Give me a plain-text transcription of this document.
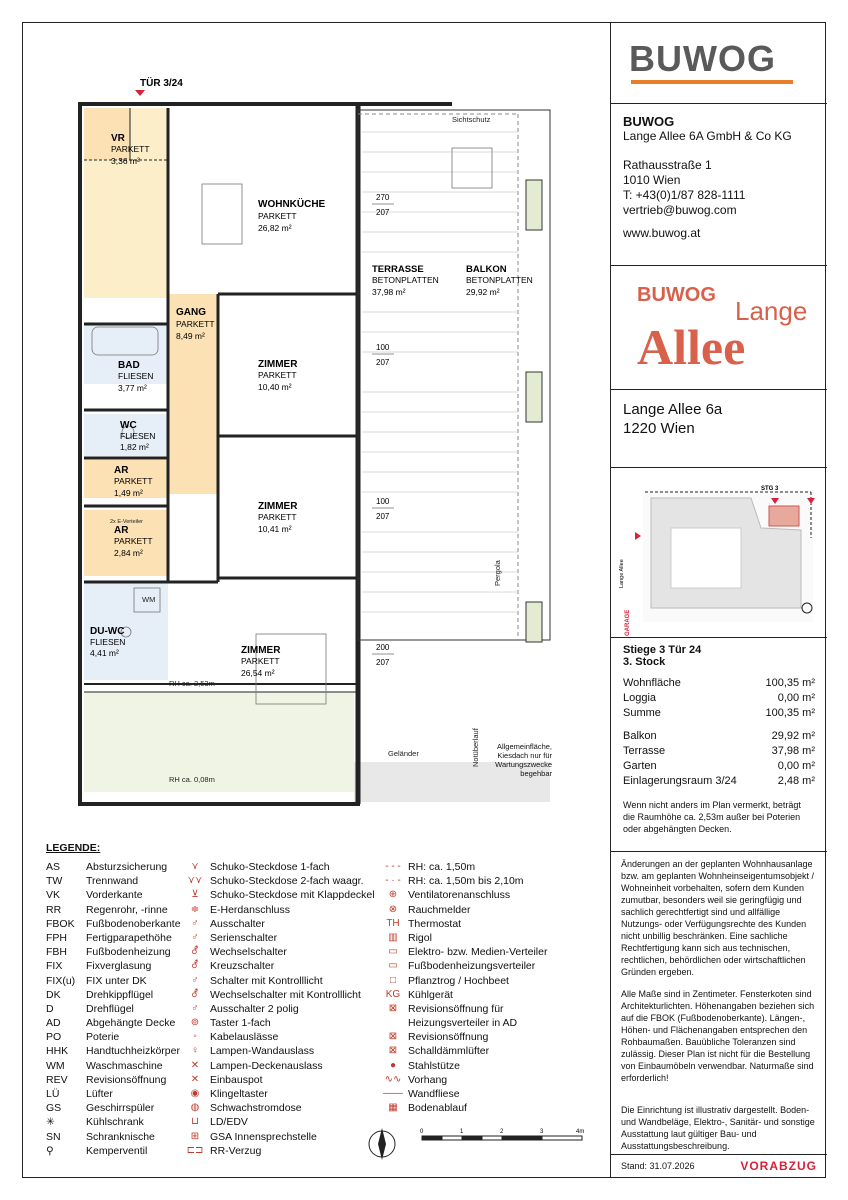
TÜR 3/24
VR
PARKETT
3,36 m²
WOHNKÜCHE
PARKETT
26,82 m²
GANG
PARKETT
8,49 m²
BAD
FLIESEN
3,77 m²
WC
FLIESEN
1,82 m²
AR
PARKETT
1,49 m²
AR
PARKETT
2,84 m²
DU-WC
FLIESEN
4,41 m²
ZIMMER
PARKETT
10,40 m²
ZIMMER
PARKETT
10,41 m²
ZIMMER
PARKETT
26,54 m²
TERRASSE
BETONPLATTEN
37,98 m²
BALKON
BETONPLATTEN
29,92 m²
Sichtschutz
RH ca. 2,53m
RH ca. 0,08m
Geländer
2x E-Verteiler
WM
Pergola
Notüberlauf	Allgemeinfläche, Kiesdach nur für Wartungszwecke begehbar
270
207
100
207
100
207
200
207
0	1	2	3	4m
LEGENDE:
AS	Absturzsicherung
TW	Trennwand
VK	Vorderkante
RR	Regenrohr, -rinne
FBOK	Fußbodenoberkante
FPH	Fertigparapethöhe
FBH	Fußbodenheizung
FIX	Fixverglasung
FIX(u)	FIX unter DK
DK	Drehkippflügel
D	Drehflügel
AD	Abgehängte Decke
PO	Poterie
HHK	Handtuchheizkörper
WM	Waschmaschine
REV	Revisionsöffnung
LÜ	Lüfter
GS	Geschirrspüler
✳	Kühlschrank
SN	Schranknische
⚲	Kemperventil
⋎	Schuko-Steckdose 1-fach
⋎⋎ Schuko-Steckdose 2-fach waagr.
⊻	Schuko-Steckdose mit Klappdeckel
≑	E-Herdanschluss
♂	Ausschalter
♂	Serienschalter
⚦	Wechselschalter
⚦	Kreuzschalter
♂	Schalter mit Kontrolllicht
⚦	Wechselschalter mit Kontrolllicht
♂	Ausschalter 2 polig
⊚	Taster 1-fach
◦	Kabelauslässe
♀	Lampen-Wandauslass
✕	Lampen-Deckenauslass
✕	Einbauspot
◉	Klingeltaster
◍	Schwachstromdose
⊔	LD/EDV
⊞	GSA Innensprechstelle
⊏⊐ RR-Verzug
- - - RH: ca. 1,50m
- · - RH: ca. 1,50m bis 2,10m
⊕	Ventilatorenanschluss
⊗	Rauchmelder
TH Thermostat
▥ Rigol
▭ Elektro- bzw. Medien-Verteiler
▭ Fußbodenheizungsverteiler
□	Pflanztrog / Hochbeet
KG Kühlgerät
⊠	Revisionsöffnung für
Heizungsverteiler in AD
⊠	Revisionsöffnung
⊠	Schalldämmlüfter
●	Stahlstütze
∿∿ Vorhang
—— Wandfliese
▦ Bodenablauf
BUWOG
BUWOG
Lange Allee 6A GmbH & Co KG
Rathausstraße 1
1010 Wien
T: +43(0)1/87 828-1111
vertrieb@buwog.com
www.buwog.at
BUWOG
Lange
Allee
Lange Allee 6a
1220 Wien
STG 3
Lange Allee
GARAGE
Stiege 3 Tür 24
3. Stock
Wohnfläche	100,35 m²
Loggia	0,00 m²
Summe	100,35 m²
Balkon	29,92 m²
Terrasse	37,98 m²
Garten	0,00 m²
Einlagerungsraum 3/24	2,48 m²
Wenn nicht anders im Plan vermerkt, beträgt die Raumhöhe ca. 2,53m außer bei Poterien oder abgehängten Decken.
Änderungen an der geplanten Wohnhausanlage bzw. am geplanten Wohnheinseigentumsobjekt / Wohneinheit vorbehalten, sofern dem Kunden zumutbar, besonders weil sie geringfügig und sachlich gerechtfertigt sind und allfällige Nutzungs- oder Verfügungsrechte des Kunden nicht unbillig beschränken. Eine sachliche Rechtfertigung kann sich aus technischen, rechtlichen, behördlichen oder wirtschaftlichen Gründen ergeben.
Alle Maße sind in Zentimeter. Fensterkoten sind Architekturlichten. Höhenangaben beziehen sich auf die FBOK (Fußbodenoberkante). Längen-, Höhen- und Flächenangaben entsprechen den Rohbaumaßen. Bauübliche Toleranzen sind zulässig. Dieser Plan ist nicht für die Bestellung von Einbaumöbeln verwendbar. Naturmaße sind erforderlich!
Die Einrichtung ist illustrativ dargestellt. Boden- und Wandbeläge, Elektro-, Sanitär- und sonstige Ausstattung laut gültiger Bau- und Ausstattungsbeschreibung.
Stand: 31.07.2026	VORABZUG
